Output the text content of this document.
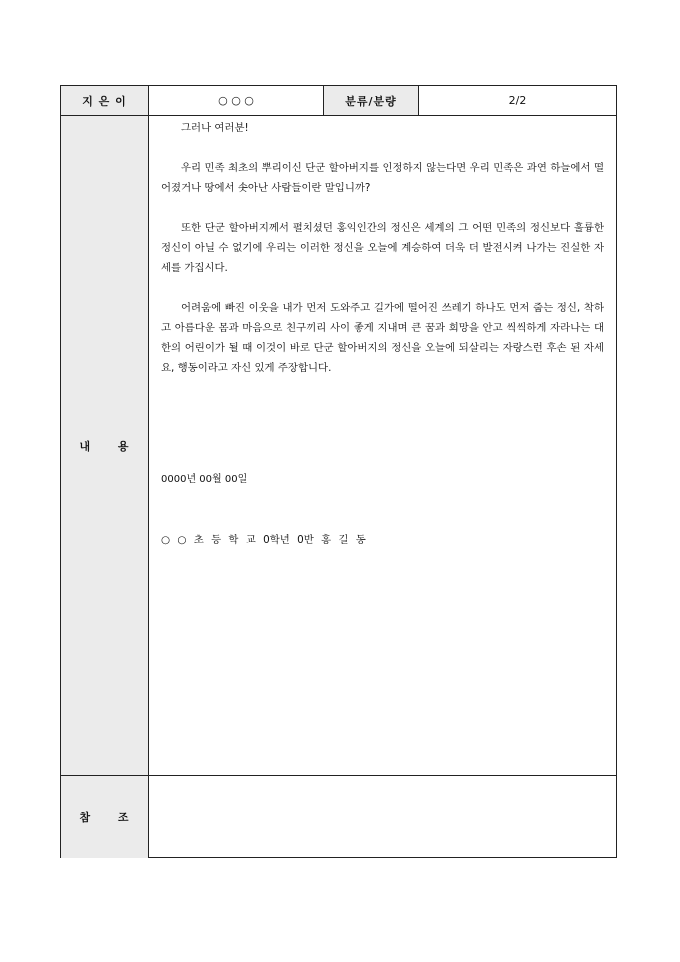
지 은 이	○ ○ ○	분류/분량	2/2
내 용

그러나 여러분!

우리 민족 최초의 뿌리이신 단군 할아버지를 인정하지 않는다면 우리 민족은 과연 하늘에서 떨어졌거나 땅에서 솟아난 사람들이란 말입니까?

또한 단군 할아버지께서 펼치셨던 홍익인간의 정신은 세계의 그 어떤 민족의 정신보다 훌륭한 정신이 아닐 수 없기에 우리는 이러한 정신을 오늘에 계승하여 더욱 더 발전시켜 나가는 진실한 자세를 가집시다.

어려움에 빠진 이웃을 내가 먼저 도와주고 길가에 떨어진 쓰레기 하나도 먼저 줍는 정신, 착하고 아름다운 몸과 마음으로 친구끼리 사이 좋게 지내며 큰 꿈과 희망을 안고 씩씩하게 자라나는 대한의 어린이가 될 때 이것이 바로 단군 할아버지의 정신을 오늘에 되살리는 자랑스런 후손 된 자세요, 행동이라고 자신 있게 주장합니다.

0000년 00월 00일

○ ○ 초 등 학 교 0학년 0반 홍 길 동

참 조
